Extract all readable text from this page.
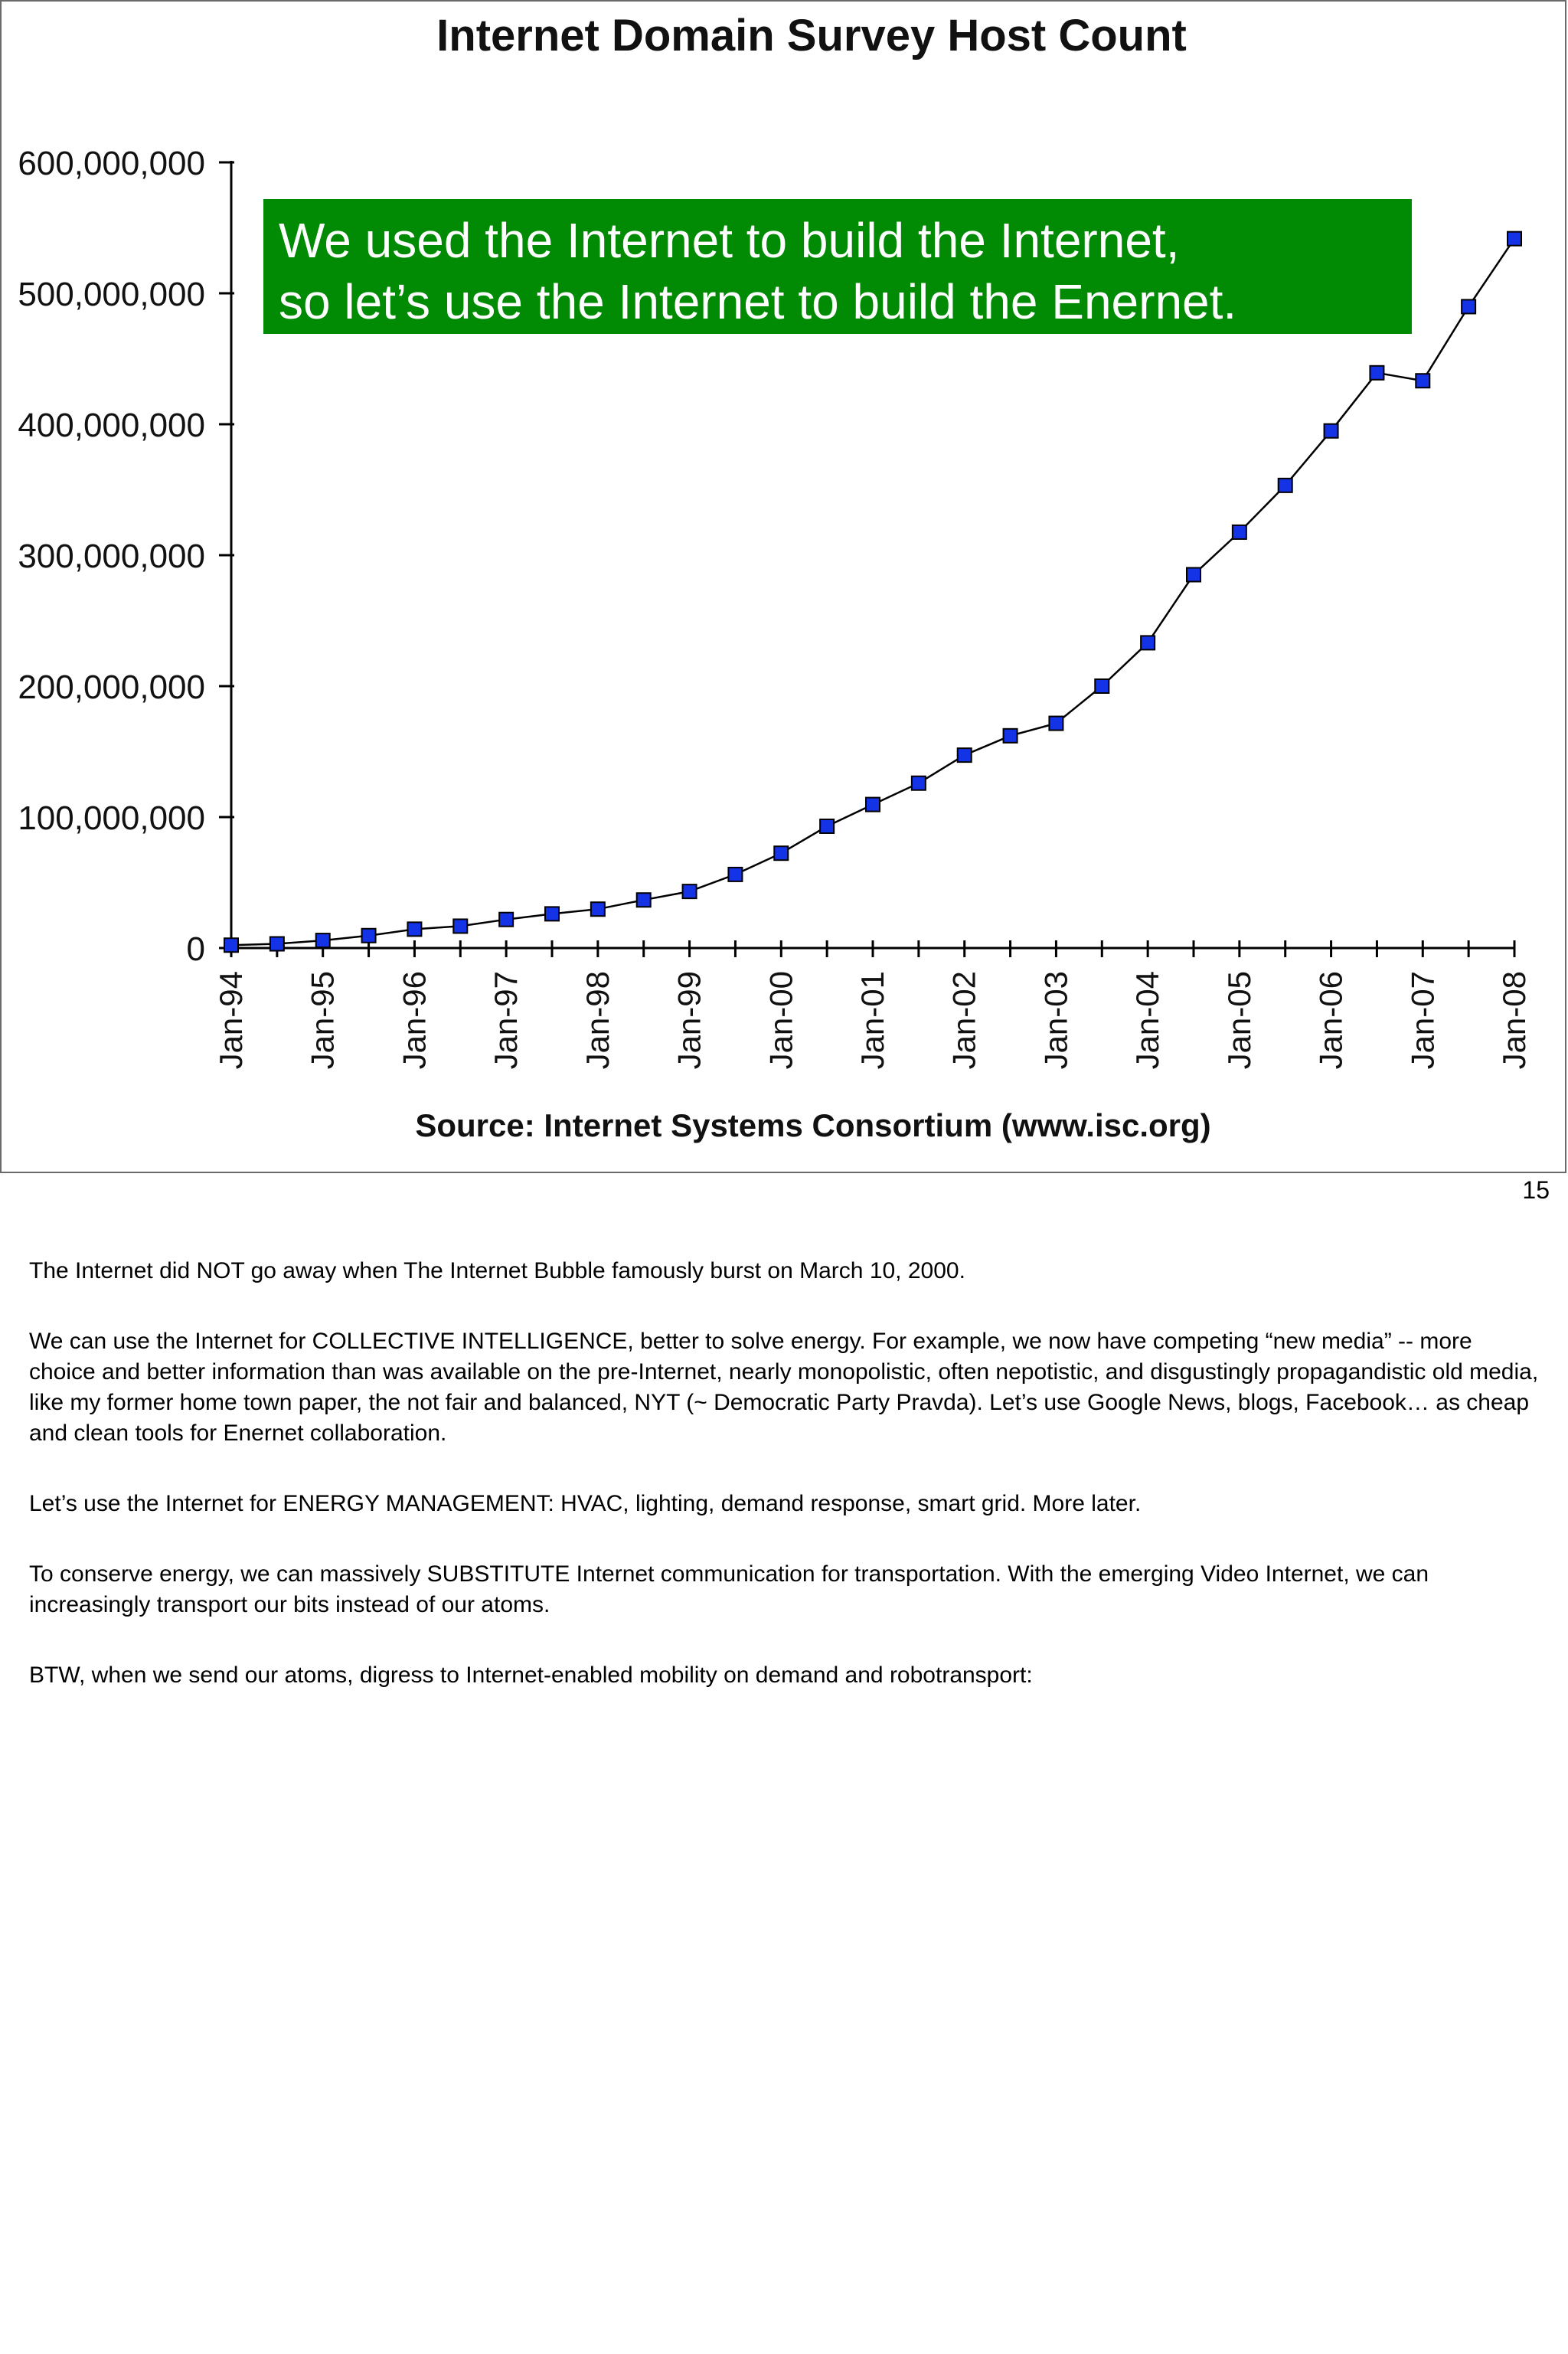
Internet Domain Survey Host Count
0
100,000,000
200,000,000
300,000,000
400,000,000
500,000,000
600,000,000
Jan-94 Jan-95 Jan-96 Jan-97 Jan-98 Jan-99 Jan-00 Jan-01 Jan-02 Jan-03 Jan-04 Jan-05 Jan-06 Jan-07 Jan-08
Source: Internet Systems Consortium (www.isc.org)
We used the Internet to build the Internet,
so let’s use the Internet to build the Enernet.
15

The Internet did NOT go away when The Internet Bubble famously burst on March 10, 2000.

We can use the Internet for COLLECTIVE INTELLIGENCE, better to solve energy. For example, we now have competing “new media” -- more choice and better information than was available on the pre-Internet, nearly monopolistic, often nepotistic, and disgustingly propagandistic old media, like my former home town paper, the not fair and balanced, NYT (~ Democratic Party Pravda). Let’s use Google News, blogs, Facebook… as cheap and clean tools for Enernet collaboration.

Let’s use the Internet for ENERGY MANAGEMENT: HVAC, lighting, demand response, smart grid. More later.

To conserve energy, we can massively SUBSTITUTE Internet communication for transportation. With the emerging Video Internet, we can increasingly transport our bits instead of our atoms.

BTW, when we send our atoms, digress to Internet-enabled mobility on demand and robotransport:
